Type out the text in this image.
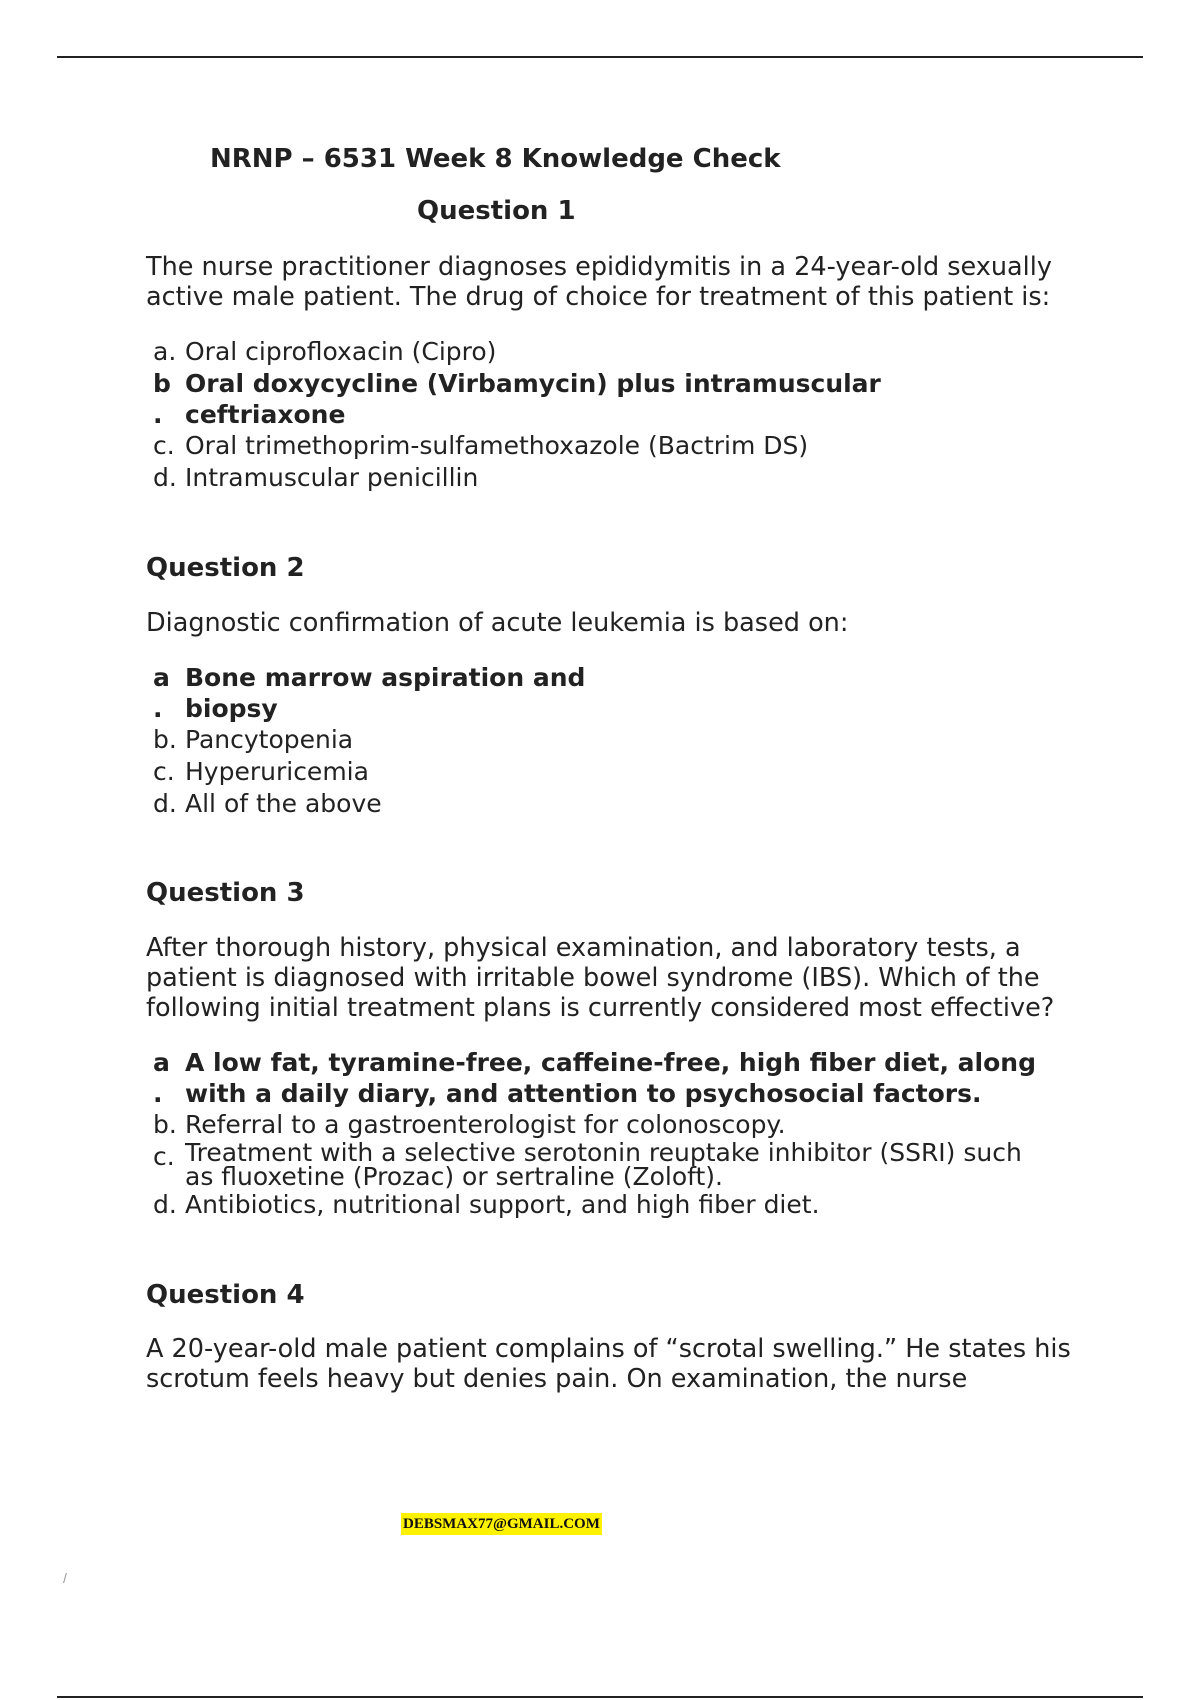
NRNP – 6531 Week 8 Knowledge Check
Question 1
The nurse practitioner diagnoses epididymitis in a 24-year-old sexually active male patient. The drug of choice for treatment of this patient is:
a. Oral ciprofloxacin (Cipro)
b Oral doxycycline (Virbamycin) plus intramuscular
. ceftriaxone
c. Oral trimethoprim-sulfamethoxazole (Bactrim DS)
d. Intramuscular penicillin
Question 2
Diagnostic confirmation of acute leukemia is based on:
a Bone marrow aspiration and
. biopsy
b. Pancytopenia
c. Hyperuricemia
d. All of the above
Question 3
After thorough history, physical examination, and laboratory tests, a patient is diagnosed with irritable bowel syndrome (IBS). Which of the following initial treatment plans is currently considered most effective?
a A low fat, tyramine-free, caffeine-free, high fiber diet, along
. with a daily diary, and attention to psychosocial factors.
b. Referral to a gastroenterologist for colonoscopy.
c. Treatment with a selective serotonin reuptake inhibitor (SSRI) such
as fluoxetine (Prozac) or sertraline (Zoloft).
d. Antibiotics, nutritional support, and high fiber diet.
Question 4
A 20-year-old male patient complains of “scrotal swelling.” He states his scrotum feels heavy but denies pain. On examination, the nurse
DEBSMAX77@GMAIL.COM
/
